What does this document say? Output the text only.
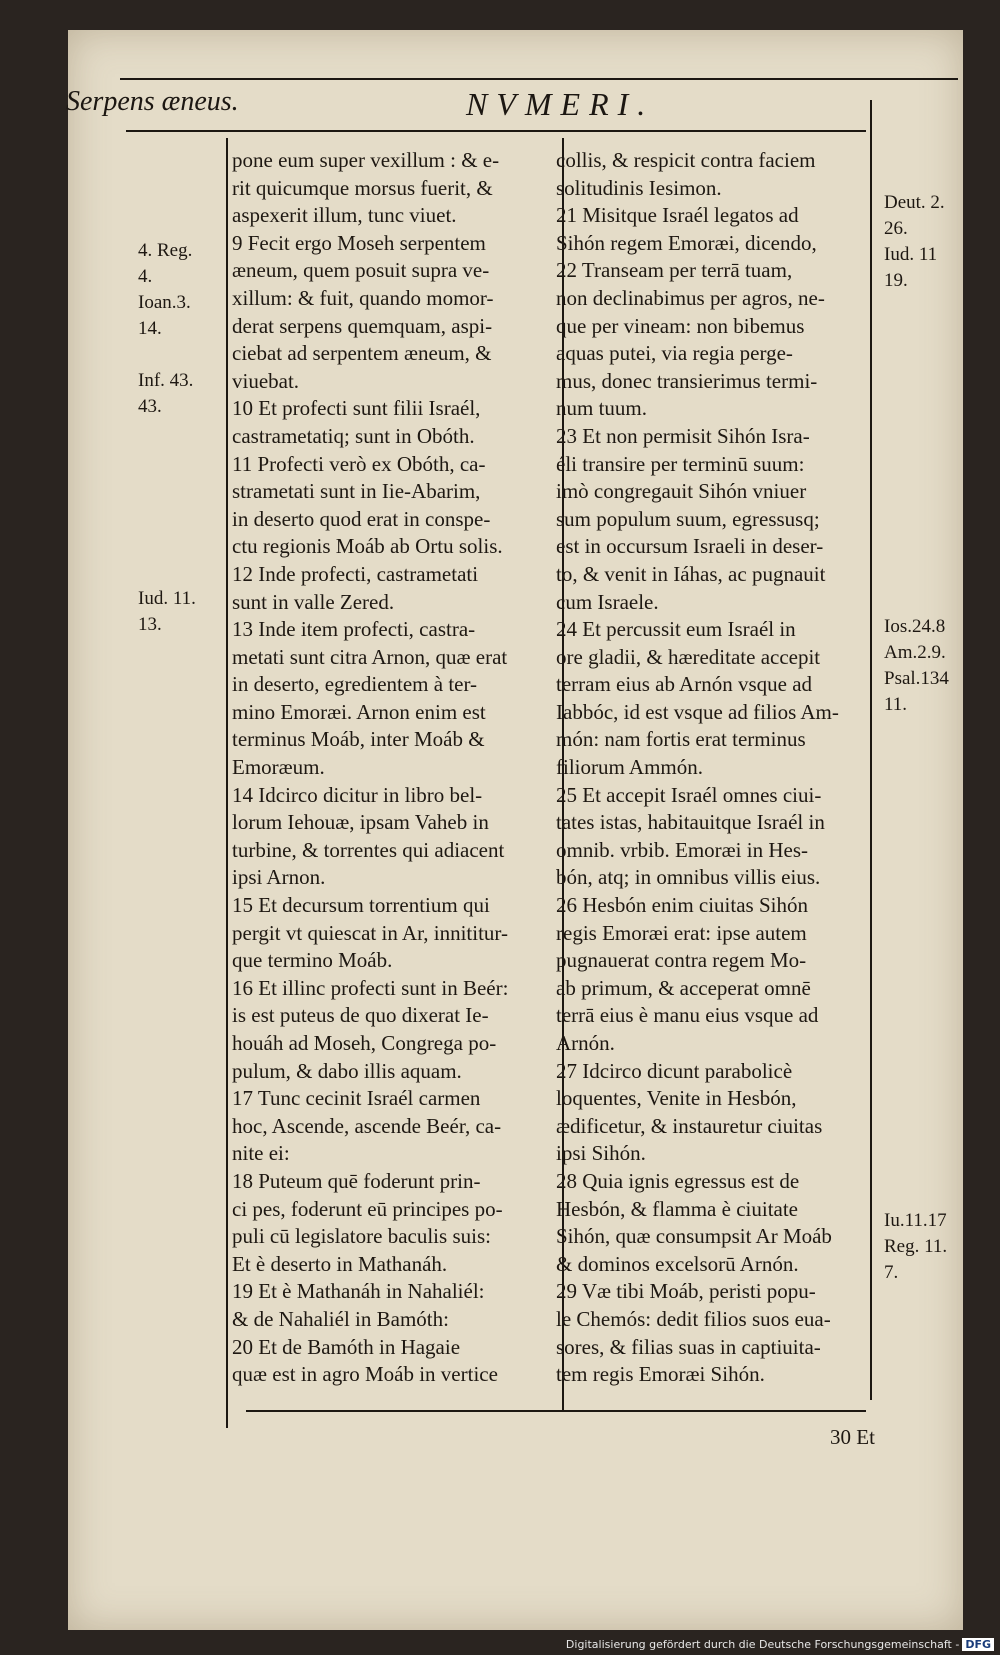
Serpens æneus.	NVMERI.
4. Reg.
4.
Ioan.3.
14.
Inf. 43.
43.
Iud. 11.
13.

pone eum super vexillum : & e-
rit quicumque morsus fuerit, &
aspexerit illum, tunc viuet.
9 Fecit ergo Moseh serpentem
æneum, quem posuit supra ve-
xillum: & fuit, quando momor-
derat serpens quemquam, aspi-
ciebat ad serpentem æneum, &
viuebat.
10 Et profecti sunt filii Israél,
castrametatiq; sunt in Obóth.
11 Profecti verò ex Obóth, ca-
strametati sunt in Iie-Abarim,
in deserto quod erat in conspe-
ctu regionis Moáb ab Ortu solis.
12 Inde profecti, castrametati
sunt in valle Zered.
13 Inde item profecti, castra-
metati sunt citra Arnon, quæ erat
in deserto, egredientem à ter-
mino Emoræi. Arnon enim est
terminus Moáb, inter Moáb &
Emoræum.
14 Idcirco dicitur in libro bel-
lorum Iehouæ, ipsam Vaheb in
turbine, & torrentes qui adiacent
ipsi Arnon.
15 Et decursum torrentium qui
pergit vt quiescat in Ar, innititur-
que termino Moáb.
16 Et illinc profecti sunt in Beér:
is est puteus de quo dixerat Ie-
houáh ad Moseh, Congrega po-
pulum, & dabo illis aquam.
17 Tunc cecinit Israél carmen
hoc, Ascende, ascende Beér, ca-
nite ei:
18 Puteum quē foderunt prin-
ci pes, foderunt eū principes po-
puli cū legislatore baculis suis:
Et è deserto in Mathanáh.
19 Et è Mathanáh in Nahaliél:
& de Nahaliél in Bamóth:
20 Et de Bamóth in Hagaie
quæ est in agro Moáb in vertice

collis, & respicit contra faciem
solitudinis Iesimon.
21 Misitque Israél legatos ad
Sihón regem Emoræi, dicendo,
22 Transeam per terrā tuam,
non declinabimus per agros, ne-
que per vineam: non bibemus
aquas putei, via regia perge-
mus, donec transierimus termi-
num tuum.
23 Et non permisit Sihón Isra-
éli transire per terminū suum:
imò congregauit Sihón vniuer
sum populum suum, egressusq;
est in occursum Israeli in deser-
to, & venit in Iáhas, ac pugnauit
cum Israele.
24 Et percussit eum Israél in
ore gladii, & hæreditate accepit
terram eius ab Arnón vsque ad
Iabbóc, id est vsque ad filios Am-
món: nam fortis erat terminus
filiorum Ammón.
25 Et accepit Israél omnes ciui-
tates istas, habitauitque Israél in
omnib. vrbib. Emoræi in Hes-
bón, atq; in omnibus villis eius.
26 Hesbón enim ciuitas Sihón
regis Emoræi erat: ipse autem
pugnauerat contra regem Mo-
ab primum, & acceperat omnē
terrā eius è manu eius vsque ad
Arnón.
27 Idcirco dicunt parabolicè
loquentes, Venite in Hesbón,
ædificetur, & instauretur ciuitas
ipsi Sihón.
28 Quia ignis egressus est de
Hesbón, & flamma è ciuitate
Sihón, quæ consumpsit Ar Moáb
& dominos excelsorū Arnón.
29 Væ tibi Moáb, peristi popu-
le Chemós: dedit filios suos eua-
sores, & filias suas in captiuita-
tem regis Emoræi Sihón.

Deut. 2.
26.
Iud. 11
19.
Ios.24.8
Am.2.9.
Psal.134
11.
Iu.11.17
Reg. 11.
7.
30 Et
Digitalisierung gefördert durch die Deutsche Forschungsgemeinschaft - DFG
